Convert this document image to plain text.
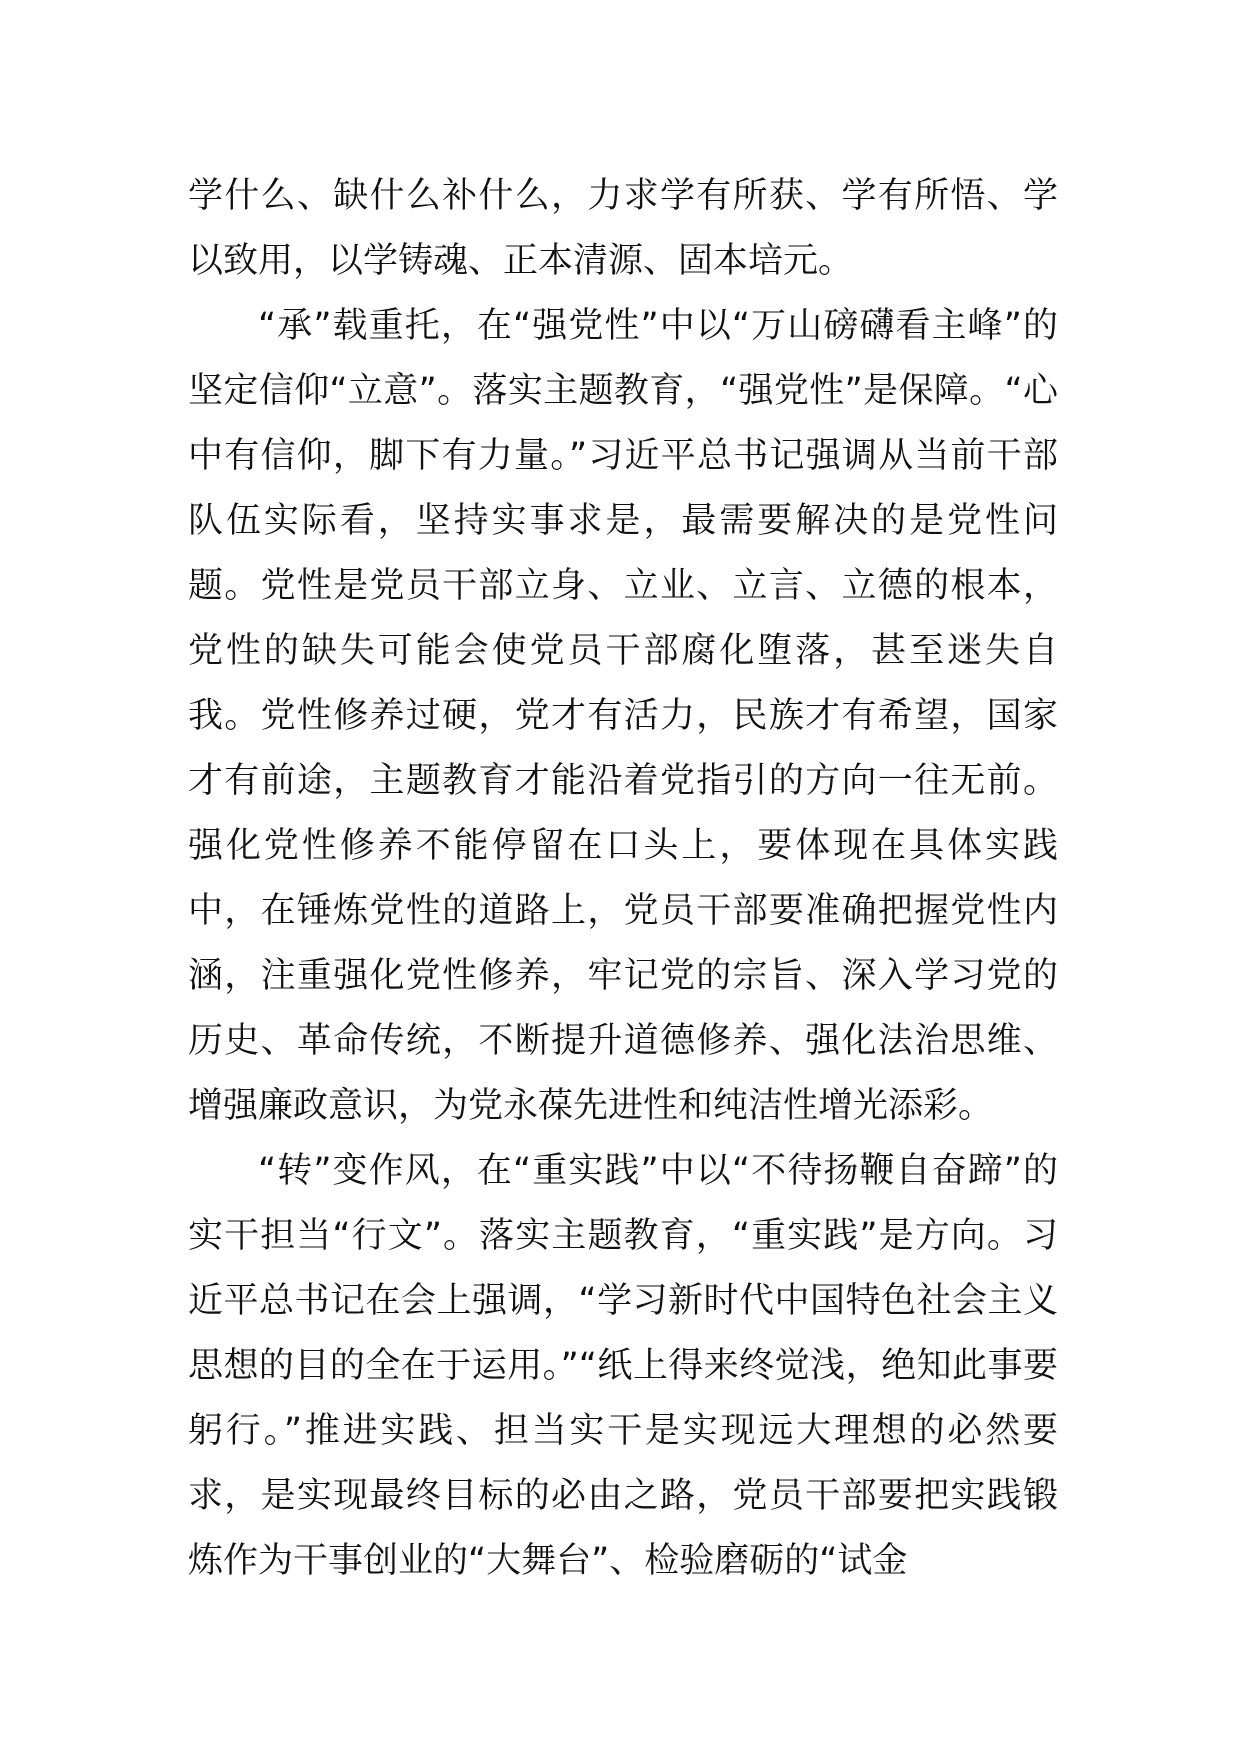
学什么、缺什么补什么，力求学有所获、学有所悟、学以致用，以学铸魂、正本清源、固本培元。

“承”载重托，在“强党性”中以“万山磅礴看主峰”的坚定信仰“立意”。落实主题教育，“强党性”是保障。“心中有信仰，脚下有力量。”习近平总书记强调从当前干部队伍实际看，坚持实事求是，最需要解决的是党性问题。党性是党员干部立身、立业、立言、立德的根本，党性的缺失可能会使党员干部腐化堕落，甚至迷失自我。党性修养过硬，党才有活力，民族才有希望，国家才有前途，主题教育才能沿着党指引的方向一往无前。强化党性修养不能停留在口头上，要体现在具体实践中，在锤炼党性的道路上，党员干部要准确把握党性内涵，注重强化党性修养，牢记党的宗旨、深入学习党的历史、革命传统，不断提升道德修养、强化法治思维、增强廉政意识，为党永葆先进性和纯洁性增光添彩。

“转”变作风，在“重实践”中以“不待扬鞭自奋蹄”的实干担当“行文”。落实主题教育，“重实践”是方向。习近平总书记在会上强调，“学习新时代中国特色社会主义思想的目的全在于运用。”“纸上得来终觉浅，绝知此事要躬行。”推进实践、担当实干是实现远大理想的必然要求，是实现最终目标的必由之路，党员干部要把实践锻炼作为干事创业的“大舞台”、检验磨砺的“试金
